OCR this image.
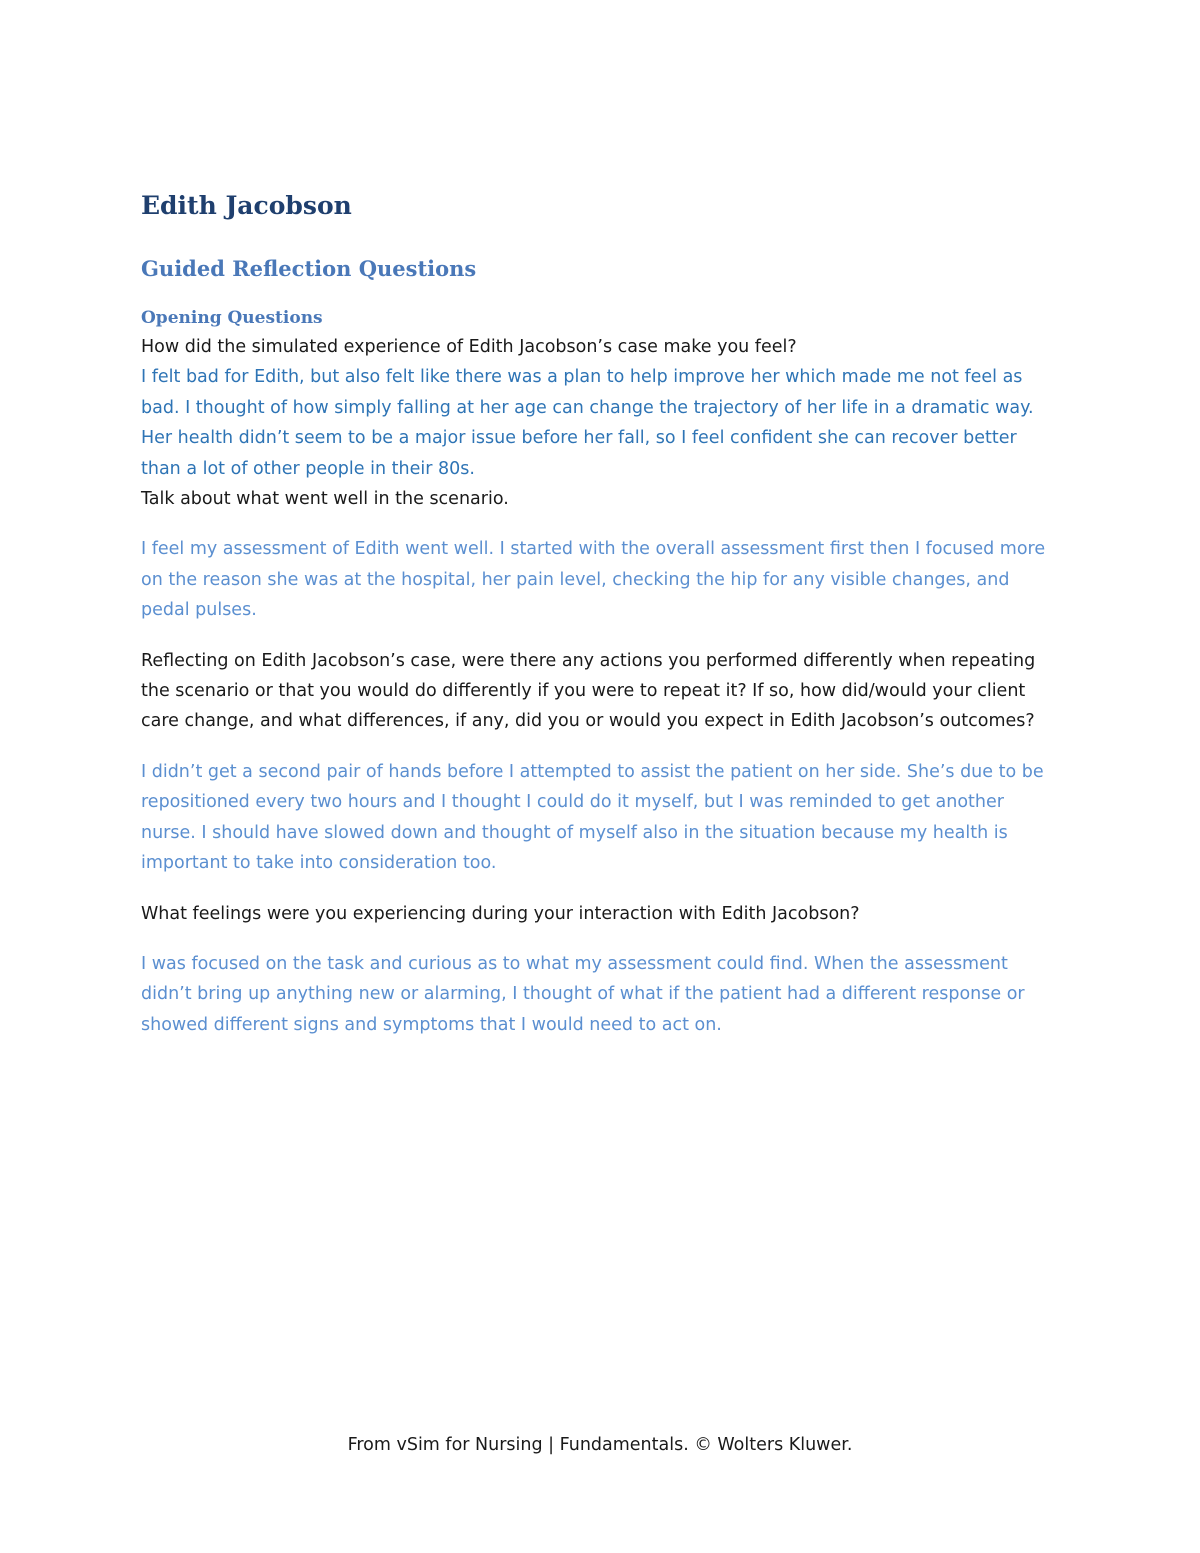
Edith Jacobson
Guided Reflection Questions
Opening Questions

How did the simulated experience of Edith Jacobson’s case make you feel?

I felt bad for Edith, but also felt like there was a plan to help improve her which made me not feel as bad. I thought of how simply falling at her age can change the trajectory of her life in a dramatic way. Her health didn’t seem to be a major issue before her fall, so I feel confident she can recover better than a lot of other people in their 80s.

Talk about what went well in the scenario.

I feel my assessment of Edith went well. I started with the overall assessment first then I focused more on the reason she was at the hospital, her pain level, checking the hip for any visible changes, and pedal pulses.

Reflecting on Edith Jacobson’s case, were there any actions you performed differently when repeating the scenario or that you would do differently if you were to repeat it? If so, how did/would your client care change, and what differences, if any, did you or would you expect in Edith Jacobson’s outcomes?

I didn’t get a second pair of hands before I attempted to assist the patient on her side. She’s due to be repositioned every two hours and I thought I could do it myself, but I was reminded to get another nurse. I should have slowed down and thought of myself also in the situation because my health is important to take into consideration too.

What feelings were you experiencing during your interaction with Edith Jacobson?

I was focused on the task and curious as to what my assessment could find. When the assessment didn’t bring up anything new or alarming, I thought of what if the patient had a different response or showed different signs and symptoms that I would need to act on.

From vSim for Nursing | Fundamentals. © Wolters Kluwer.
